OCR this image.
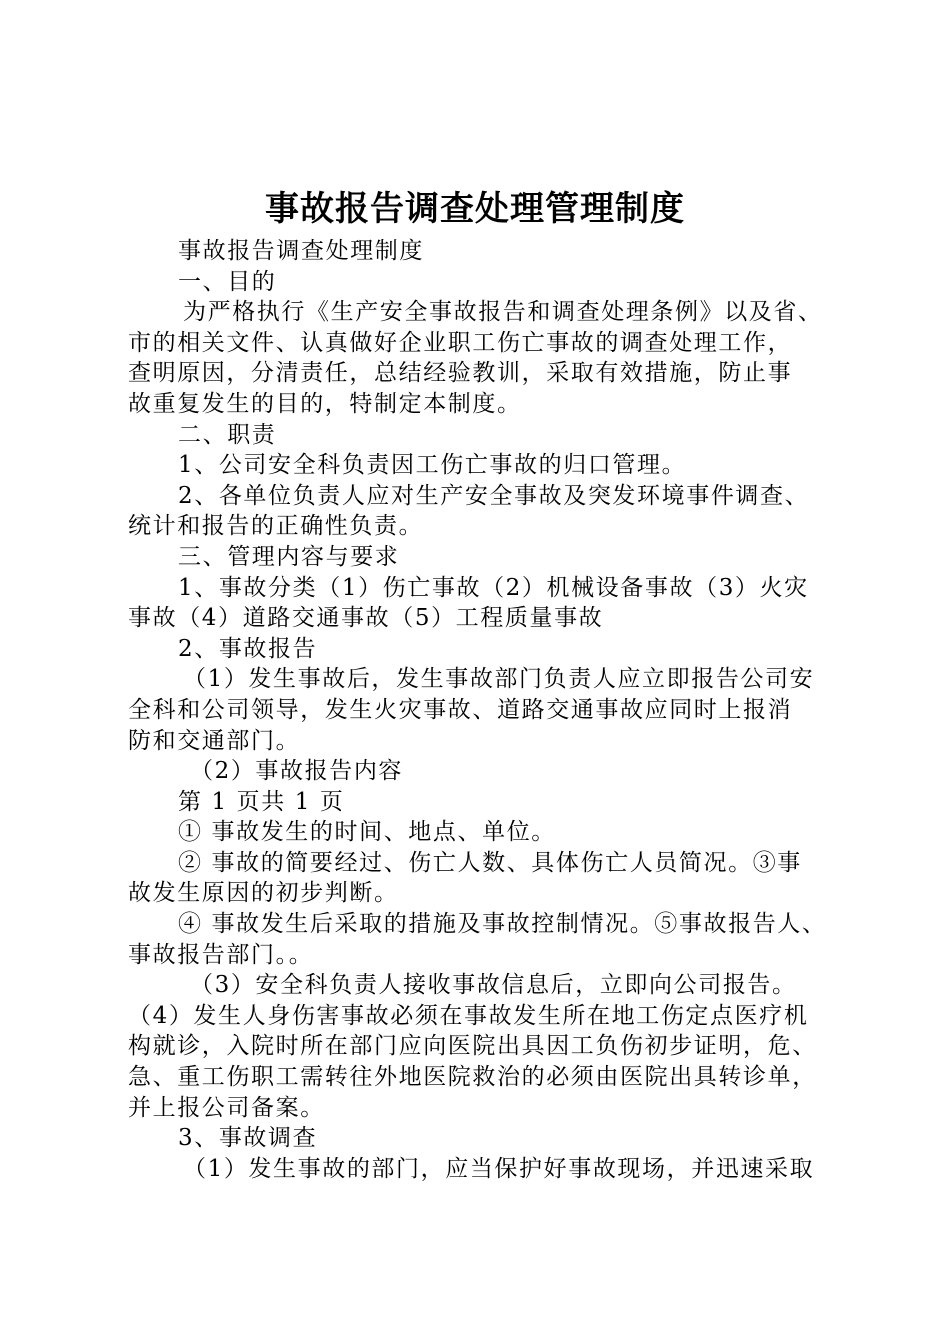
事故报告调查处理管理制度

事故报告调查处理制度

一、目的

为严格执行《生产安全事故报告和调查处理条例》以及省、

市的相关文件、认真做好企业职工伤亡事故的调查处理工作，

查明原因，分清责任，总结经验教训，采取有效措施，防止事

故重复发生的目的，特制定本制度。

二、职责

1、公司安全科负责因工伤亡事故的归口管理。

2、各单位负责人应对生产安全事故及突发环境事件调查、

统计和报告的正确性负责。

三、管理内容与要求

1、事故分类（1）伤亡事故（2）机械设备事故（3）火灾

事故（4）道路交通事故（5）工程质量事故

2、事故报告

（1）发生事故后，发生事故部门负责人应立即报告公司安

全科和公司领导，发生火灾事故、道路交通事故应同时上报消

防和交通部门。

（2）事故报告内容

第 1 页共 1 页

① 事故发生的时间、地点、单位。

② 事故的简要经过、伤亡人数、具体伤亡人员简况。③事

故发生原因的初步判断。

④ 事故发生后采取的措施及事故控制情况。⑤事故报告人、

事故报告部门。。

（3）安全科负责人接收事故信息后，立即向公司报告。

（4）发生人身伤害事故必须在事故发生所在地工伤定点医疗机

构就诊，入院时所在部门应向医院出具因工负伤初步证明，危、

急、重工伤职工需转往外地医院救治的必须由医院出具转诊单，

并上报公司备案。

3、事故调查

（1）发生事故的部门，应当保护好事故现场，并迅速采取
